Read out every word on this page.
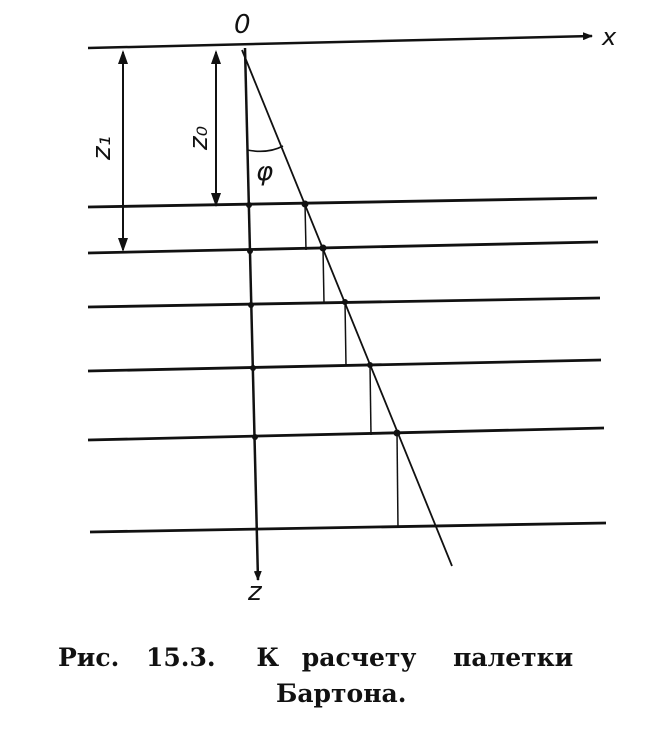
x
0
z
z₁	z₀
φ
Рис. 15.3. К расчету палетки
Бартона.
